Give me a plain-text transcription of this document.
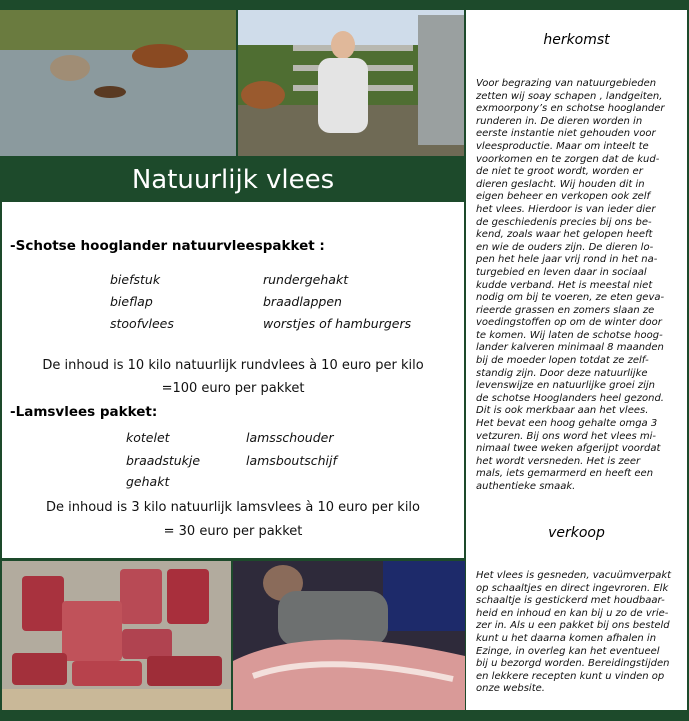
Natuurlijk vlees
-Schotse hooglander natuurvleespakket :
biefstuk
bieflap
stoofvlees
rundergehakt
braadlappen
worstjes of hamburgers
De inhoud is 10 kilo natuurlijk rundvlees à 10 euro per kilo
=100 euro per pakket
-Lamsvlees pakket:
kotelet
braadstukje
gehakt
lamsschouder
lamsboutschijf
De inhoud is 3 kilo natuurlijk lamsvlees à 10 euro per kilo
= 30 euro per pakket
herkomst

Voor begrazing van natuurgebieden
zetten wij soay schapen , landgeiten,
exmoorpony’s en schotse hooglander
runderen in. De dieren worden in
eerste instantie niet gehouden voor
vleesproductie. Maar om inteelt te
voorkomen en te zorgen dat de kud-
de niet te groot wordt, worden er
dieren geslacht. Wij houden dit in
eigen beheer en verkopen ook zelf
het vlees. Hierdoor is van ieder dier
de geschiedenis precies bij ons be-
kend, zoals waar het gelopen heeft
en wie de ouders zijn. De dieren lo-
pen het hele jaar vrij rond in het na-
turgebied en leven daar in sociaal
kudde verband. Het is meestal niet
nodig om bij te voeren, ze eten geva-
rieerde grassen en zomers slaan ze
voedingstoffen op om de winter door
te komen. Wij laten de schotse hoog-
lander kalveren minimaal 8 maanden
bij de moeder lopen totdat ze zelf-
standig zijn. Door deze natuurlijke
levenswijze en natuurlijke groei zijn
de schotse Hooglanders heel gezond.
Dit is ook merkbaar aan het vlees.
Het bevat een hoog gehalte omga 3
vetzuren. Bij ons word het vlees mi-
nimaal twee weken afgerijpt voordat
het wordt versneden. Het is zeer
mals, iets gemarmerd en heeft een
authentieke smaak.

verkoop

Het vlees is gesneden, vacuümverpakt
op schaaltjes en direct ingevroren. Elk
schaaltje is gestickerd met houdbaar-
heid en inhoud en kan bij u zo de vrie-
zer in. Als u een pakket bij ons besteld
kunt u het daarna komen afhalen in
Ezinge, in overleg kan het eventueel
bij u bezorgd worden. Bereidingstijden
en lekkere recepten kunt u vinden op
onze website.
